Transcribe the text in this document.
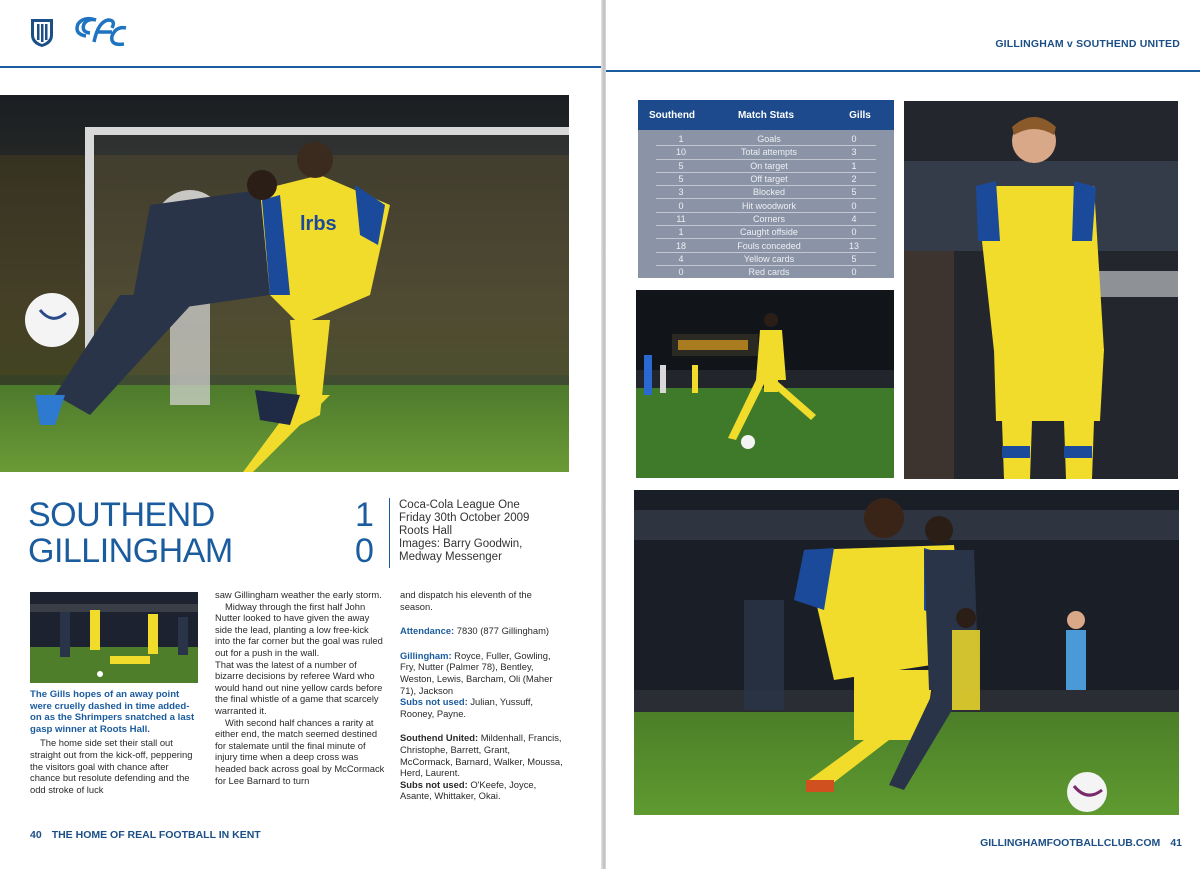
lrbs
SOUTHEND
GILLINGHAM
1
0
Coca-Cola League One
Friday 30th October 2009
Roots Hall
Images: Barry Goodwin,
Medway Messenger

The Gills hopes of an away point were cruelly dashed in time added-on as the Shrimpers snatched a last gasp winner at Roots Hall.

The home side set their stall out straight out from the kick-off, peppering the visitors goal with chance after chance but resolute defending and the odd stroke of luck

saw Gillingham weather the early storm.

Midway through the first half John Nutter looked to have given the away side the lead, planting a low free-kick into the far corner but the goal was ruled out for a push in the wall.

That was the latest of a number of bizarre decisions by referee Ward who would hand out nine yellow cards before the final whistle of a game that scarcely warranted it.

With second half chances a rarity at either end, the match seemed destined for stalemate until the final minute of injury time when a deep cross was headed back across goal by McCormack for Lee Barnard to turn

and dispatch his eleventh of the season.

Attendance: 7830 (877 Gillingham)

Gillingham: Royce, Fuller, Gowling, Fry, Nutter (Palmer 78), Bentley, Weston, Lewis, Barcham, Oli (Maher 71), Jackson

Subs not used: Julian, Yussuff, Rooney, Payne.

Southend United: Mildenhall, Francis, Christophe, Barrett, Grant, McCormack, Barnard, Walker, Moussa, Herd, Laurent.

Subs not used: O'Keefe, Joyce, Asante, Whittaker, Okai.

40 THE HOME OF REAL FOOTBALL IN KENT
GILLINGHAM v SOUTHEND UNITED
Southend	Match Stats	Gills
1	Goals	0
10	Total attempts	3
5	On target	1
5	Off target	2
3	Blocked	5
0	Hit woodwork	0
11	Corners	4
1	Caught offside	0
18	Fouls conceded	13
4	Yellow cards	5
0	Red cards	0
GILLINGHAMFOOTBALLCLUB.COM 41
